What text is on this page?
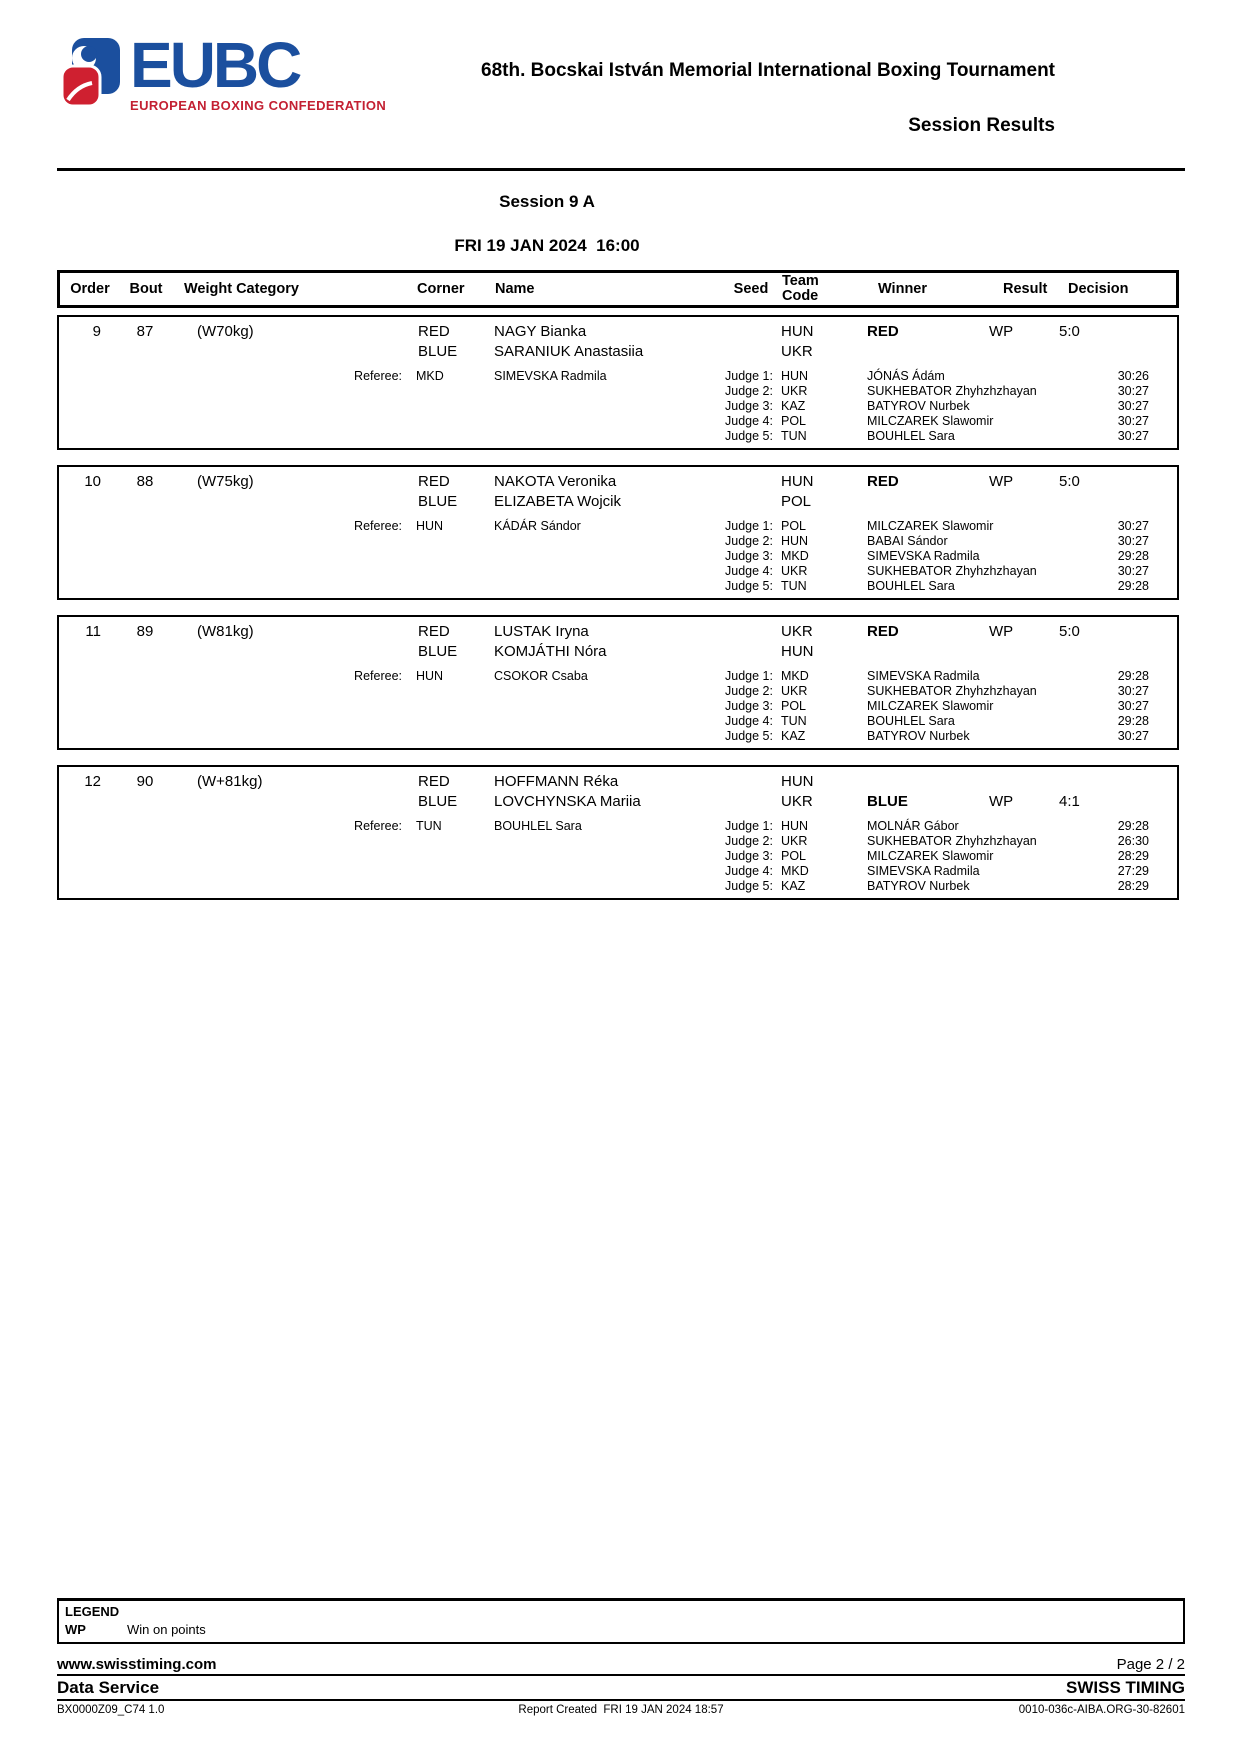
EUBC
EUROPEAN BOXING CONFEDERATION
68th. Bocskai István Memorial International Boxing Tournament
Session Results
Session 9 A
FRI 19 JAN 2024  16:00
Order	Bout	Weight Category	Corner	Name	Seed Team
Code	Winner	Result	Decision
9	87	(W70kg)	RED	NAGY Bianka	HUN	RED	WP	5:0
BLUE	SARANIUK Anastasiia	UKR
Referee:	MKD	SIMEVSKA Radmila	Judge 1: HUN	JÓNÁS Ádám	30:26
Judge 2: UKR	SUKHEBATOR Zhyhzhzhayan	30:27
Judge 3: KAZ	BATYROV Nurbek	30:27
Judge 4: POL	MILCZAREK Slawomir	30:27
Judge 5: TUN	BOUHLEL Sara	30:27
10	88	(W75kg)	RED	NAKOTA Veronika	HUN	RED	WP	5:0
BLUE	ELIZABETA Wojcik	POL
Referee:	HUN	KÁDÁR Sándor	Judge 1: POL	MILCZAREK Slawomir	30:27
Judge 2: HUN	BABAI Sándor	30:27
Judge 3: MKD	SIMEVSKA Radmila	29:28
Judge 4: UKR	SUKHEBATOR Zhyhzhzhayan	30:27
Judge 5: TUN	BOUHLEL Sara	29:28
11	89	(W81kg)	RED	LUSTAK Iryna	UKR	RED	WP	5:0
BLUE	KOMJÁTHI Nóra	HUN
Referee:	HUN	CSOKOR Csaba	Judge 1: MKD	SIMEVSKA Radmila	29:28
Judge 2: UKR	SUKHEBATOR Zhyhzhzhayan	30:27
Judge 3: POL	MILCZAREK Slawomir	30:27
Judge 4: TUN	BOUHLEL Sara	29:28
Judge 5: KAZ	BATYROV Nurbek	30:27
12	90	(W+81kg)	RED	HOFFMANN Réka	HUN
BLUE	LOVCHYNSKA Mariia	UKR	BLUE	WP	4:1
Referee:	TUN	BOUHLEL Sara	Judge 1: HUN	MOLNÁR Gábor	29:28
Judge 2: UKR	SUKHEBATOR Zhyhzhzhayan	26:30
Judge 3: POL	MILCZAREK Slawomir	28:29
Judge 4: MKD	SIMEVSKA Radmila	27:29
Judge 5: KAZ	BATYROV Nurbek	28:29
LEGEND
WP	Win on points
www.swisstiming.com	Page 2 / 2
Data Service	SWISS TIMING
BX0000Z09_C74 1.0	Report Created  FRI 19 JAN 2024 18:57	0010-036c-AIBA.ORG-30-82601
